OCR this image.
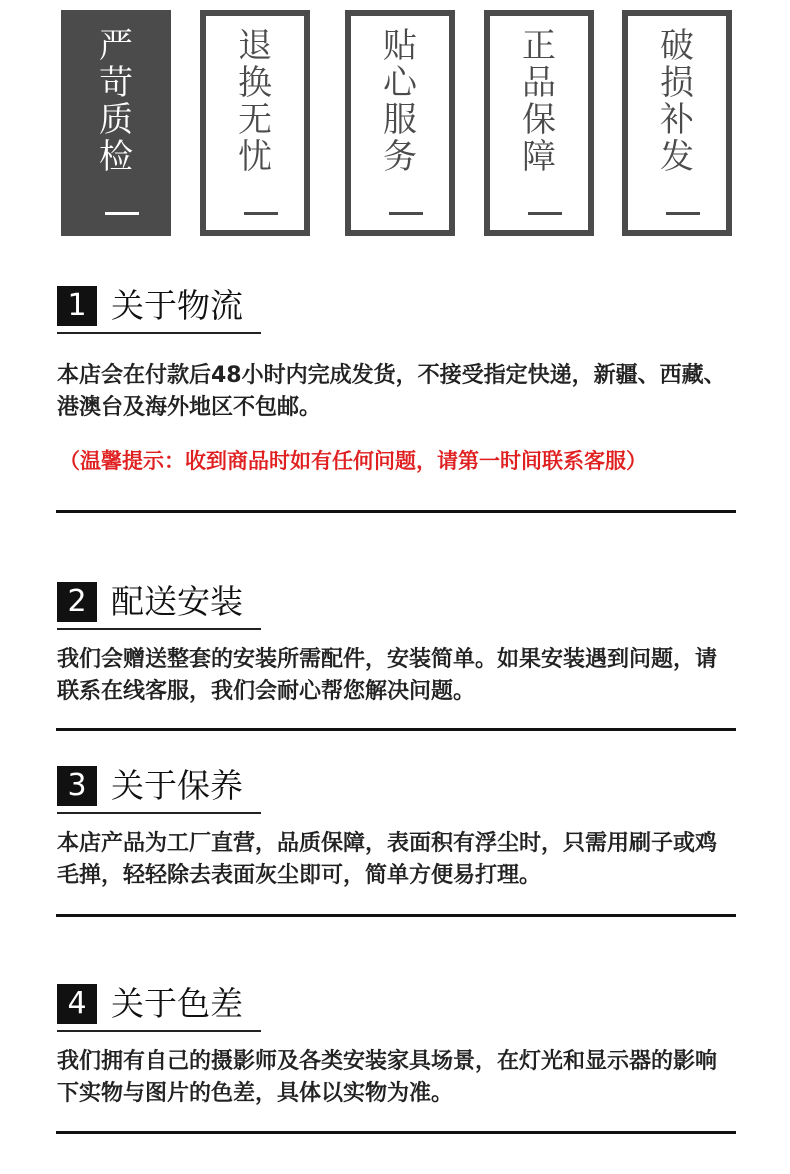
严
苛
质
检
退
换
无
忧
贴
心
服
务
正
品
保
障
破
损
补
发
1 关于物流
本店会在付款后48小时内完成发货，不接受指定快递，新疆、西藏、港澳台及海外地区不包邮。
（温馨提示：收到商品时如有任何问题，请第一时间联系客服）
2 配送安装
我们会赠送整套的安装所需配件，安装简单。如果安装遇到问题，请联系在线客服，我们会耐心帮您解决问题。
3 关于保养
本店产品为工厂直营，品质保障，表面积有浮尘时，只需用刷子或鸡毛掸，轻轻除去表面灰尘即可，简单方便易打理。
4 关于色差
我们拥有自己的摄影师及各类安装家具场景，在灯光和显示器的影响下实物与图片的色差，具体以实物为准。
